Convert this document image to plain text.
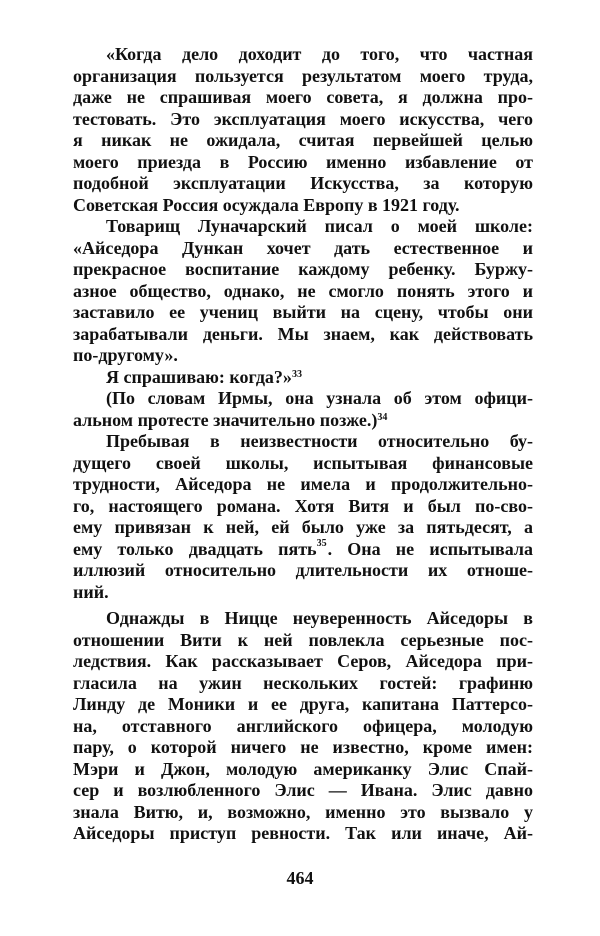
«Когда дело доходит до того, что частная
организация пользуется результатом моего труда,
даже не спрашивая моего совета, я должна про-
тестовать. Это эксплуатация моего искусства, чего
я никак не ожидала, считая первейшей целью
моего приезда в Россию именно избавление от
подобной эксплуатации Искусства, за которую
Советская Россия осуждала Европу в 1921 году.
Товарищ Луначарский писал о моей школе:
«Айседора Дункан хочет дать естественное и
прекрасное воспитание каждому ребенку. Буржу-
азное общество, однако, не смогло понять этого и
заставило ее учениц выйти на сцену, чтобы они
зарабатывали деньги. Мы знаем, как действовать
по-другому».
Я спрашиваю: когда?»$^{33}$
(По словам Ирмы, она узнала об этом офици-
альном протесте значительно позже.)$^{34}$
Пребывая в неизвестности относительно бу-
дущего своей школы, испытывая финансовые
трудности, Айседора не имела и продолжительно-
го, настоящего романа. Хотя Витя и был по-сво-
ему привязан к ней, ей было уже за пятьдесят, а
ему только двадцать пять . Она не испытывала
35
иллюзий относительно длительности их отноше-
ний.
Однажды в Ницце неуверенность Айседоры в
отношении Вити к ней повлекла серьезные пос-
ледствия. Как рассказывает Серов, Айседора при-
гласила на ужин нескольких гостей: графиню
Линду де Моники и ее друга, капитана Паттерсо-
на, отставного английского офицера, молодую
пару, о которой ничего не известно, кроме имен:
Мэри и Джон, молодую американку Элис Спай-
сер и возлюбленного Элис — Ивана. Элис давно
знала Витю, и, возможно, именно это вызвало у
Айседоры приступ ревности. Так или иначе, Ай-
464
